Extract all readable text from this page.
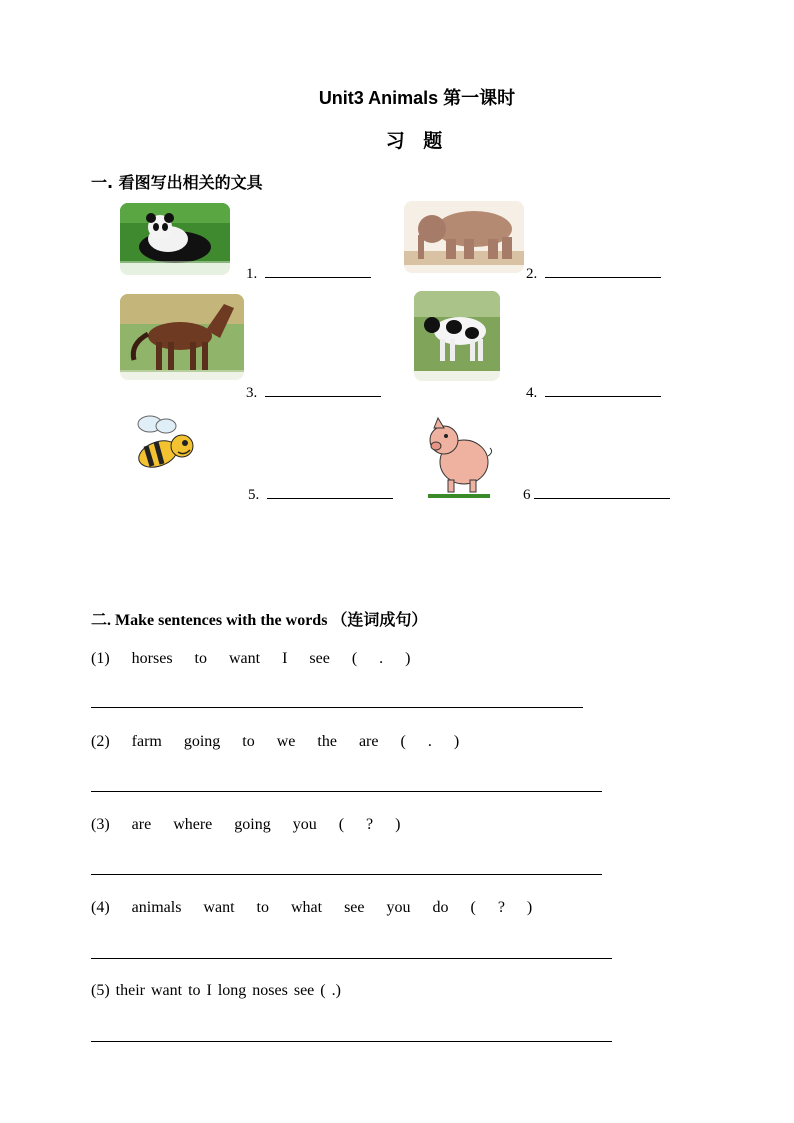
Unit3 Animals 第一课时
习 题
一. 看图写出相关的文具
1.	2.
3.	4.
5.	6
二. Make sentences with the words （连词成句）
(1) horses to want I see ( . )
(2) farm going to we the are ( . )
(3) are where going you ( ? )
(4) animals want to what see you do ( ? )
(5) their want to I long noses see ( .)
